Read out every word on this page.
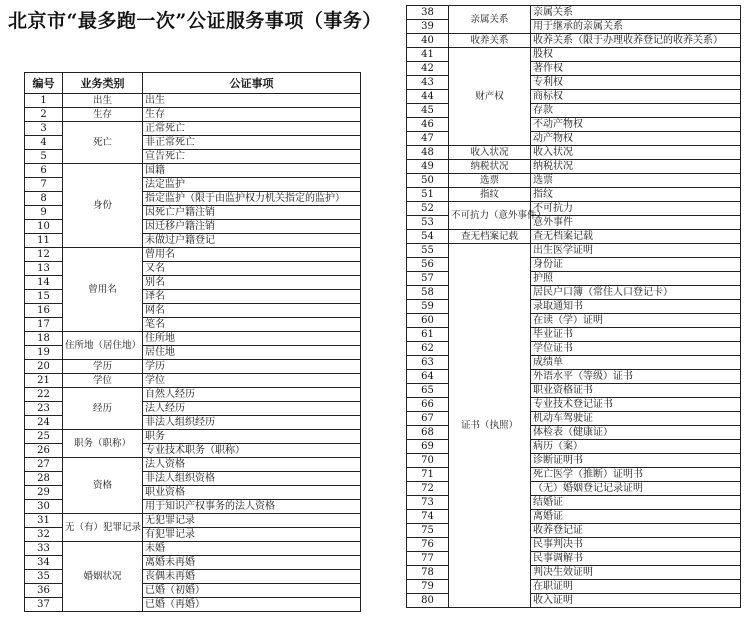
北京市“最多跑一次”公证服务事项（事务）
编号	业务类别	公证事项
1	出生	出生
2	生存	生存
3	死亡	正常死亡
4		非正常死亡
5		宣告死亡
6	身份	国籍
7		法定监护
8		指定监护（限于由监护权力机关指定的监护）
9		因死亡户籍注销
10		因迁移户籍注销
11		未做过户籍登记
12	曾用名	曾用名
13		又名
14		别名
15		译名
16		网名
17		笔名
18	住所地（居住地）	住所地
19		居住地
20	学历	学历
21	学位	学位
22	经历	自然人经历
23		法人经历
24		非法人组织经历
25	职务（职称）	职务
26		专业技术职务（职称）
27	资格	法人资格
28		非法人组织资格
29		职业资格
30		用于知识产权事务的法人资格
31	无（有）犯罪记录	无犯罪记录
32		有犯罪记录
33	婚姻状况	未婚
34		离婚未再婚
35		丧偶未再婚
36		已婚（初婚）
37		已婚（再婚）
38	亲属关系	亲属关系
39		用于继承的亲属关系
40	收养关系	收养关系（限于办理收养登记的收养关系）
41	财产权	股权
42		著作权
43		专利权
44		商标权
45		存款
46		不动产物权
47		动产物权
48	收入状况	收入状况
49	纳税状况	纳税状况
50	选票	选票
51	指纹	指纹
52	不可抗力（意外事件）	不可抗力
53		意外事件
54	查无档案记载	查无档案记载
55	证书（执照）	出生医学证明
56		身份证
57		护照
58		居民户口簿（常住人口登记卡）
59		录取通知书
60		在读（学）证明
61		毕业证书
62		学位证书
63		成绩单
64		外语水平（等级）证书
65		职业资格证书
66		专业技术登记证书
67		机动车驾驶证
68		体检表（健康证）
69		病历（案）
70		诊断证明书
71		死亡医学（推断）证明书
72		（无）婚姻登记记录证明
73		结婚证
74		离婚证
75		收养登记证
76		民事判决书
77		民事调解书
78		判决生效证明
79		在职证明
80		收入证明
